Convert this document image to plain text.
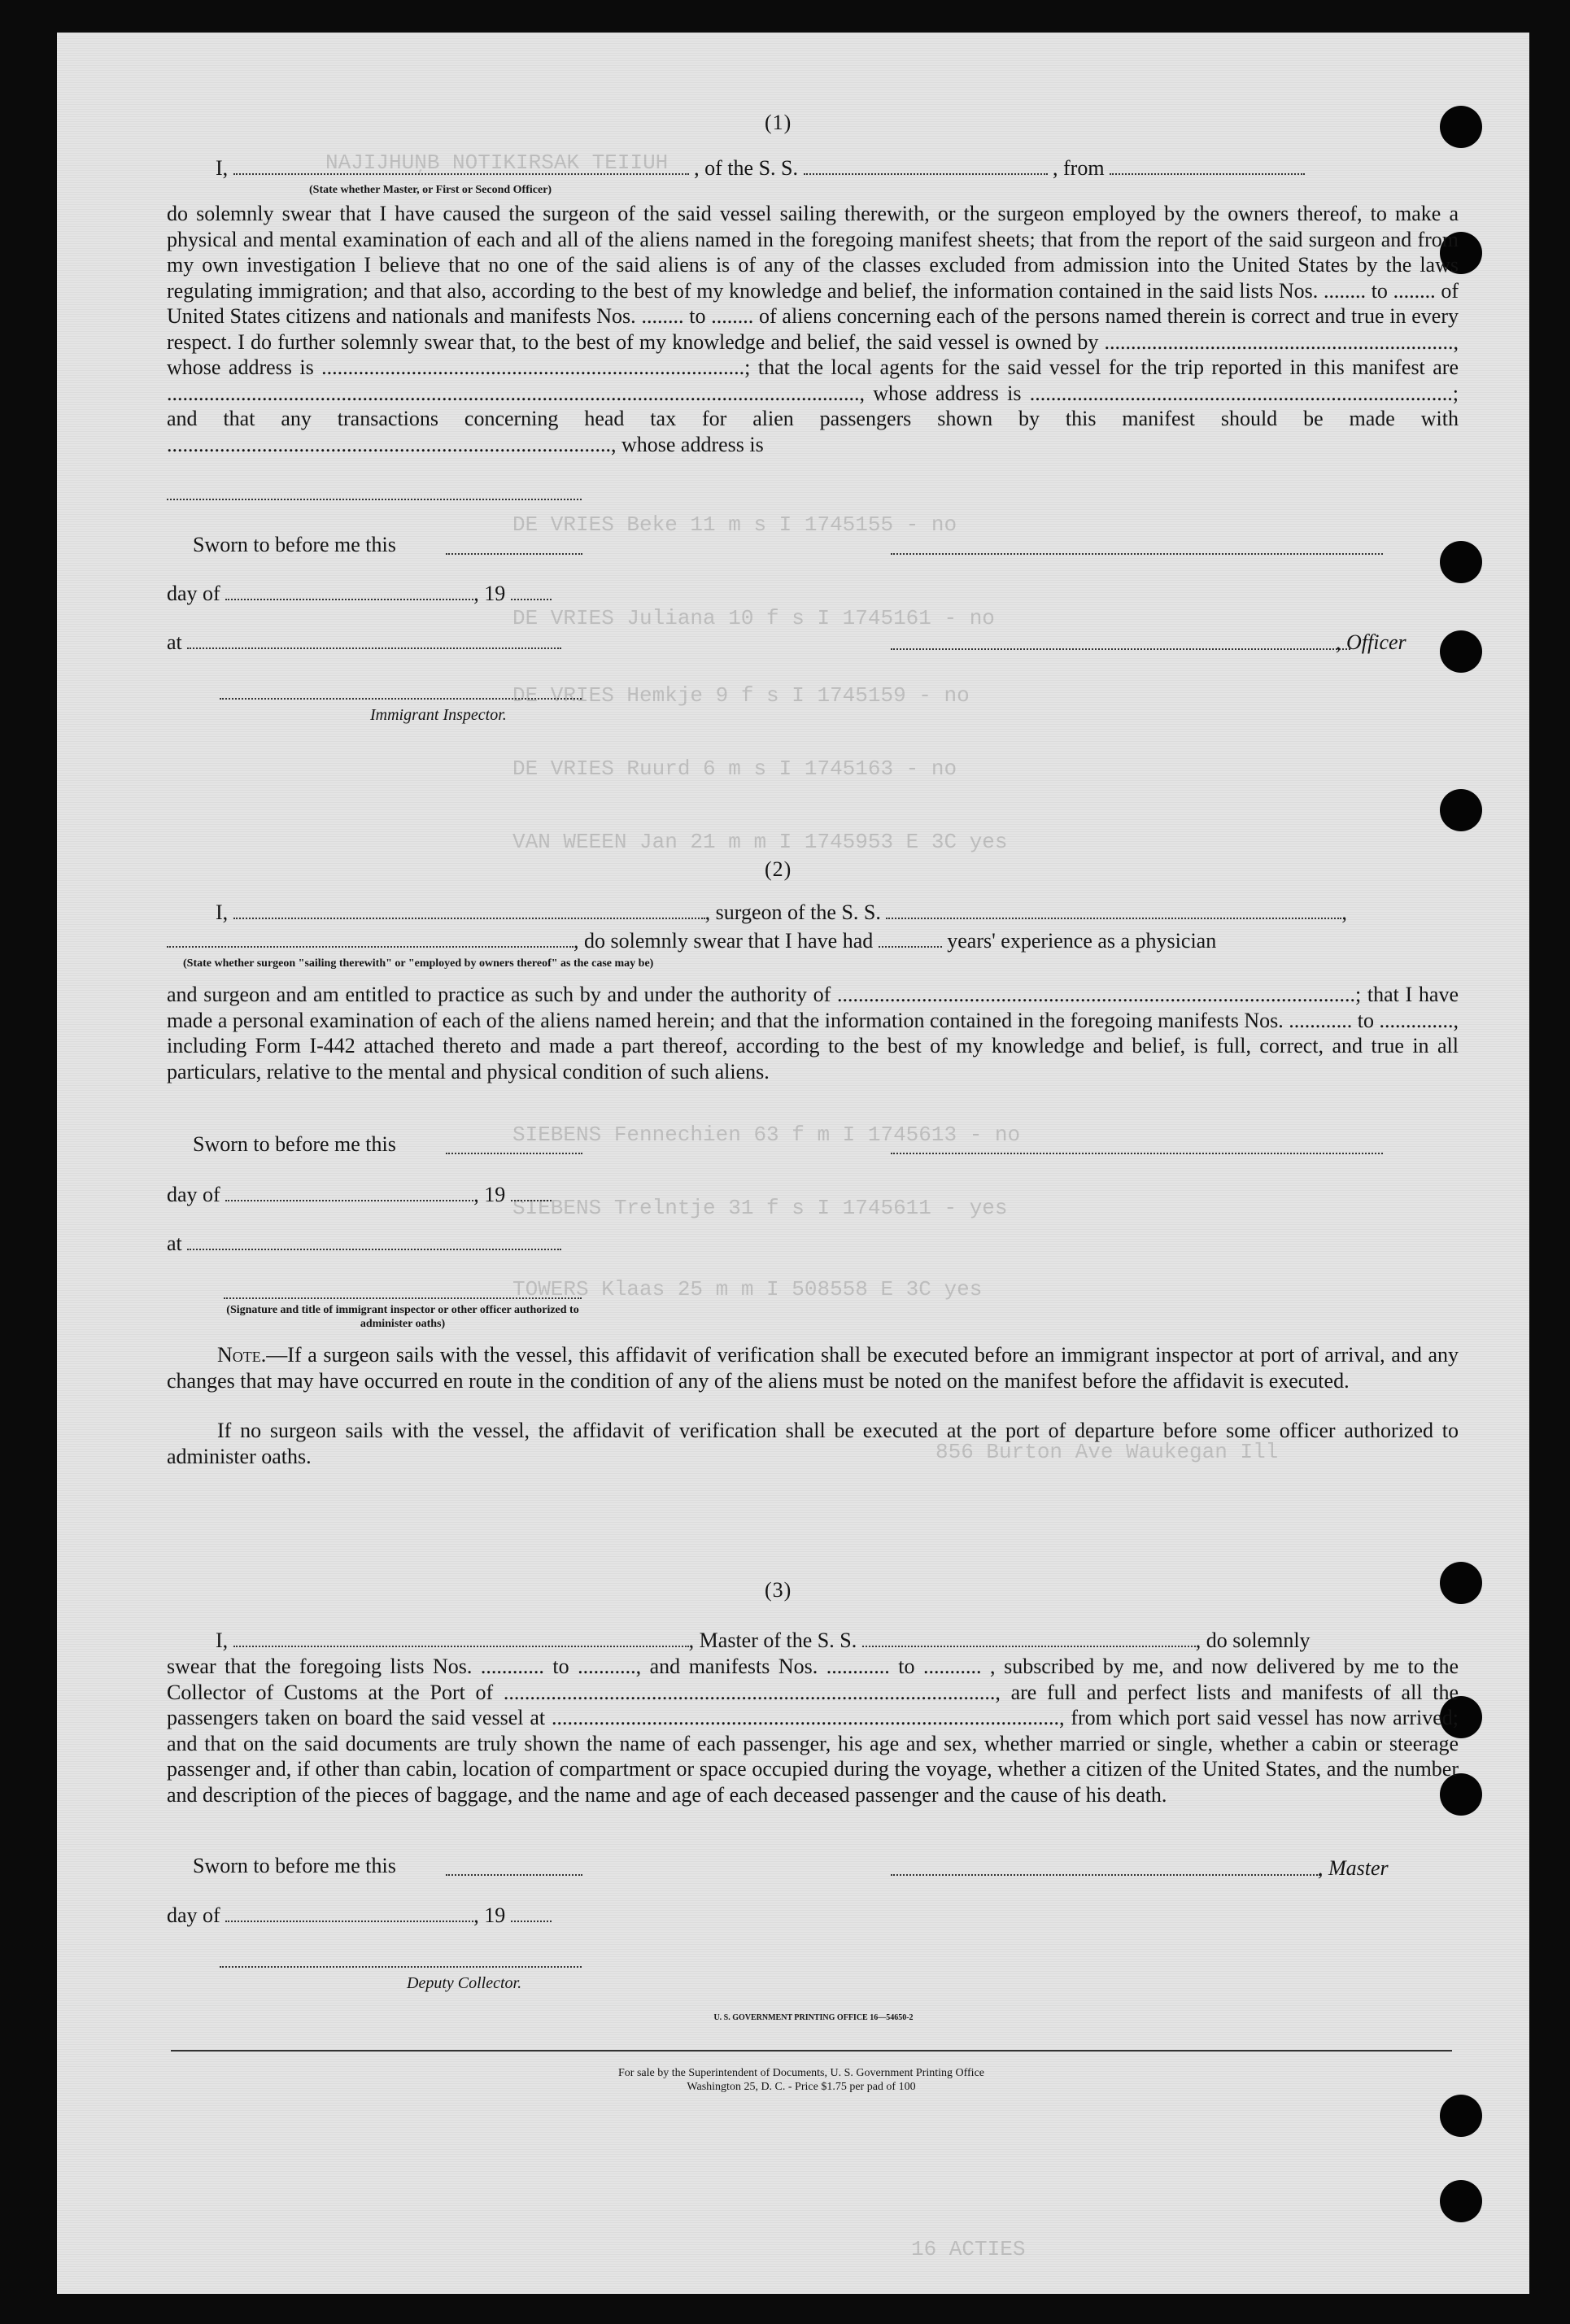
NAJIJHUŅB NOTIKIRSAK TEIIUH
DE VRIES Beke 11 m s I 1745155 - no
DE VRIES Juliana 10 f s I 1745161 - no
DE VRIES Hemkje 9 f s I 1745159 - no
DE VRIES Ruurd 6 m s I 1745163 - no
VAN WEEEN Jan 21 m m I 1745953 E 3C yes
SIEBENS Fennechien 63 f m I 1745613 - no
SIEBENS Trelntje 31 f s I 1745611 - yes
TOWERS Klaas 25 m m I 508558 E 3C yes
856 Burton Ave Waukegan Ill
16 ACTIES
(1)
I,	, of the S. S.	, from
(State whether Master, or First or Second Officer)
do solemnly swear that I have caused the surgeon of the said vessel sailing therewith, or the surgeon employed by the owners thereof, to make a physical and mental examination of each and all of the aliens named in the foregoing manifest sheets; that from the report of the said surgeon and from my own investigation I believe that no one of the said aliens is of any of the classes excluded from admission into the United States by the laws regulating immigration; and that also, according to the best of my knowledge and belief, the information contained in the said lists Nos. ........ to ........ of United States citizens and nationals and manifests Nos. ........ to ........ of aliens concerning each of the persons named therein is correct and true in every respect. I do further solemnly swear that, to the best of my knowledge and belief, the said vessel is owned by .................................................................., whose address is ................................................................................; that the local agents for the said vessel for the trip reported in this manifest are ..................................................................................................................................., whose address is ................................................................................; and that any transactions concerning head tax for alien passengers shown by this manifest should be made with ...................................................................................., whose address is
Sworn to before me this
day of	, 19
, Officer
at
Immigrant Inspector.
(2)
I,	, surgeon of the S. S.	,
, do solemnly swear that I have had	years' experience as a physician
(State whether surgeon "sailing therewith" or "employed by owners thereof" as the case may be)
and surgeon and am entitled to practice as such by and under the authority of ..................................................................................................; that I have made a personal examination of each of the aliens named herein; and that the information contained in the foregoing manifests Nos. ............ to .............., including Form I-442 attached thereto and made a part thereof, according to the best of my knowledge and belief, is full, correct, and true in all particulars, relative to the mental and physical condition of such aliens.
Sworn to before me this
day of	, 19
at
(Signature and title of immigrant inspector or other officer authorized to administer oaths)
Note.—If a surgeon sails with the vessel, this affidavit of verification shall be executed before an immigrant inspector at port of arrival, and any changes that may have occurred en route in the condition of any of the aliens must be noted on the manifest before the affidavit is executed.
If no surgeon sails with the vessel, the affidavit of verification shall be executed at the port of departure before some officer authorized to administer oaths.
(3)
I,	, Master of the S. S.	, do solemnly
swear that the foregoing lists Nos. ............ to ..........., and manifests Nos. ............ to ........... , subscribed by me, and now delivered by me to the Collector of Customs at the Port of ............................................................................................., are full and perfect lists and manifests of all the passengers taken on board the said vessel at ................................................................................................, from which port said vessel has now arrived; and that on the said documents are truly shown the name of each passenger, his age and sex, whether married or single, whether a cabin or steerage passenger and, if other than cabin, location of compartment or space occupied during the voyage, whether a citizen of the United States, and the number and description of the pieces of baggage, and the name and age of each deceased passenger and the cause of his death.
Sworn to before me this	, Master
day of	, 19
Deputy Collector.
U. S. GOVERNMENT PRINTING OFFICE 16—54650-2
For sale by the Superintendent of Documents, U. S. Government Printing Office
Washington 25, D. C. - Price $1.75 per pad of 100
